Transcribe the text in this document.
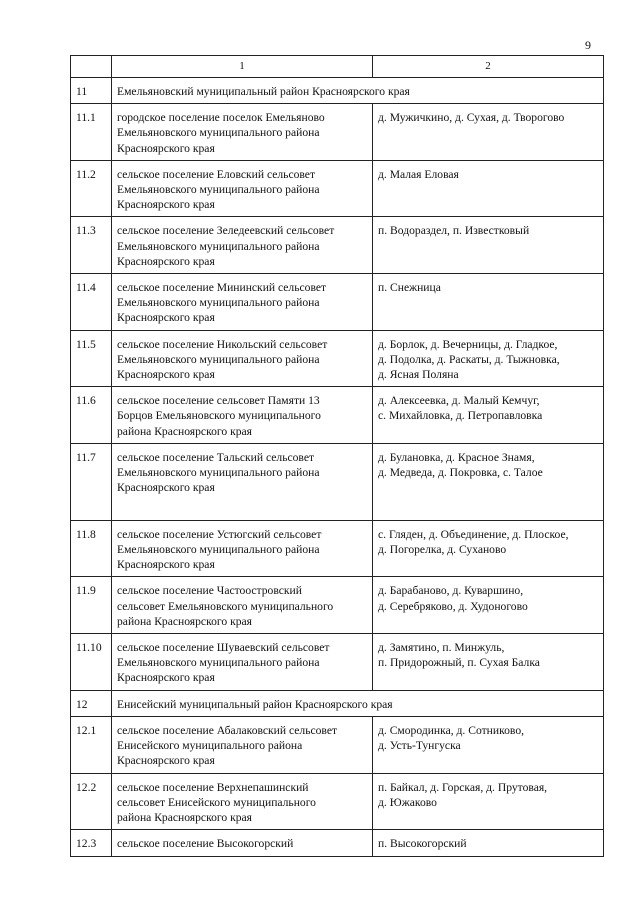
9
	1	2
11	Емельяновский муниципальный район Красноярского края	
11.1	городское поселение поселок Емельяново
Емельяновского муниципального района
Красноярского края	д. Мужичкино, д. Сухая, д. Творогово

11.2	сельское поселение Еловский сельсовет
Емельяновского муниципального района
Красноярского края	д. Малая Еловая

11.3	сельское поселение Зеледеевский сельсовет
Емельяновского муниципального района
Красноярского края	п. Водораздел, п. Известковый

11.4	сельское поселение Мининский сельсовет
Емельяновского муниципального района
Красноярского края	п. Снежница

11.5	сельское поселение Никольский сельсовет
Емельяновского муниципального района
Красноярского края	д. Борлок, д. Вечерницы, д. Гладкое,
д. Подолка, д. Раскаты, д. Тыжновка,
д. Ясная Поляна

11.6	сельское поселение сельсовет Памяти 13
Борцов Емельяновского муниципального
района Красноярского края	д. Алексеевка, д. Малый Кемчуг,
с. Михайловка, д. Петропавловка

11.7	сельское поселение Тальский сельсовет
Емельяновского муниципального района
Красноярского края	д. Булановка, д. Красное Знамя,
д. Медведа, д. Покровка, с. Талое

11.8	сельское поселение Устюгский сельсовет
Емельяновского муниципального района
Красноярского края	с. Гляден, д. Объединение, д. Плоское,
д. Погорелка, д. Суханово

11.9	сельское поселение Частоостровский
сельсовет Емельяновского муниципального
района Красноярского края	д. Барабаново, д. Куваршино,
д. Серебряково, д. Худоногово

11.10	сельское поселение Шуваевский сельсовет
Емельяновского муниципального района
Красноярского края	д. Замятино, п. Минжуль,
п. Придорожный, п. Сухая Балка

12	Енисейский муниципальный район Красноярского края	
12.1	сельское поселение Абалаковский сельсовет
Енисейского муниципального района
Красноярского края	д. Смородинка, д. Сотниково,
д. Усть-Тунгуска

12.2	сельское поселение Верхнепашинский
сельсовет Енисейского муниципального
района Красноярского края	п. Байкал, д. Горская, д. Прутовая,
д. Южаково

12.3	сельское поселение Высокогорский	п. Высокогорский
